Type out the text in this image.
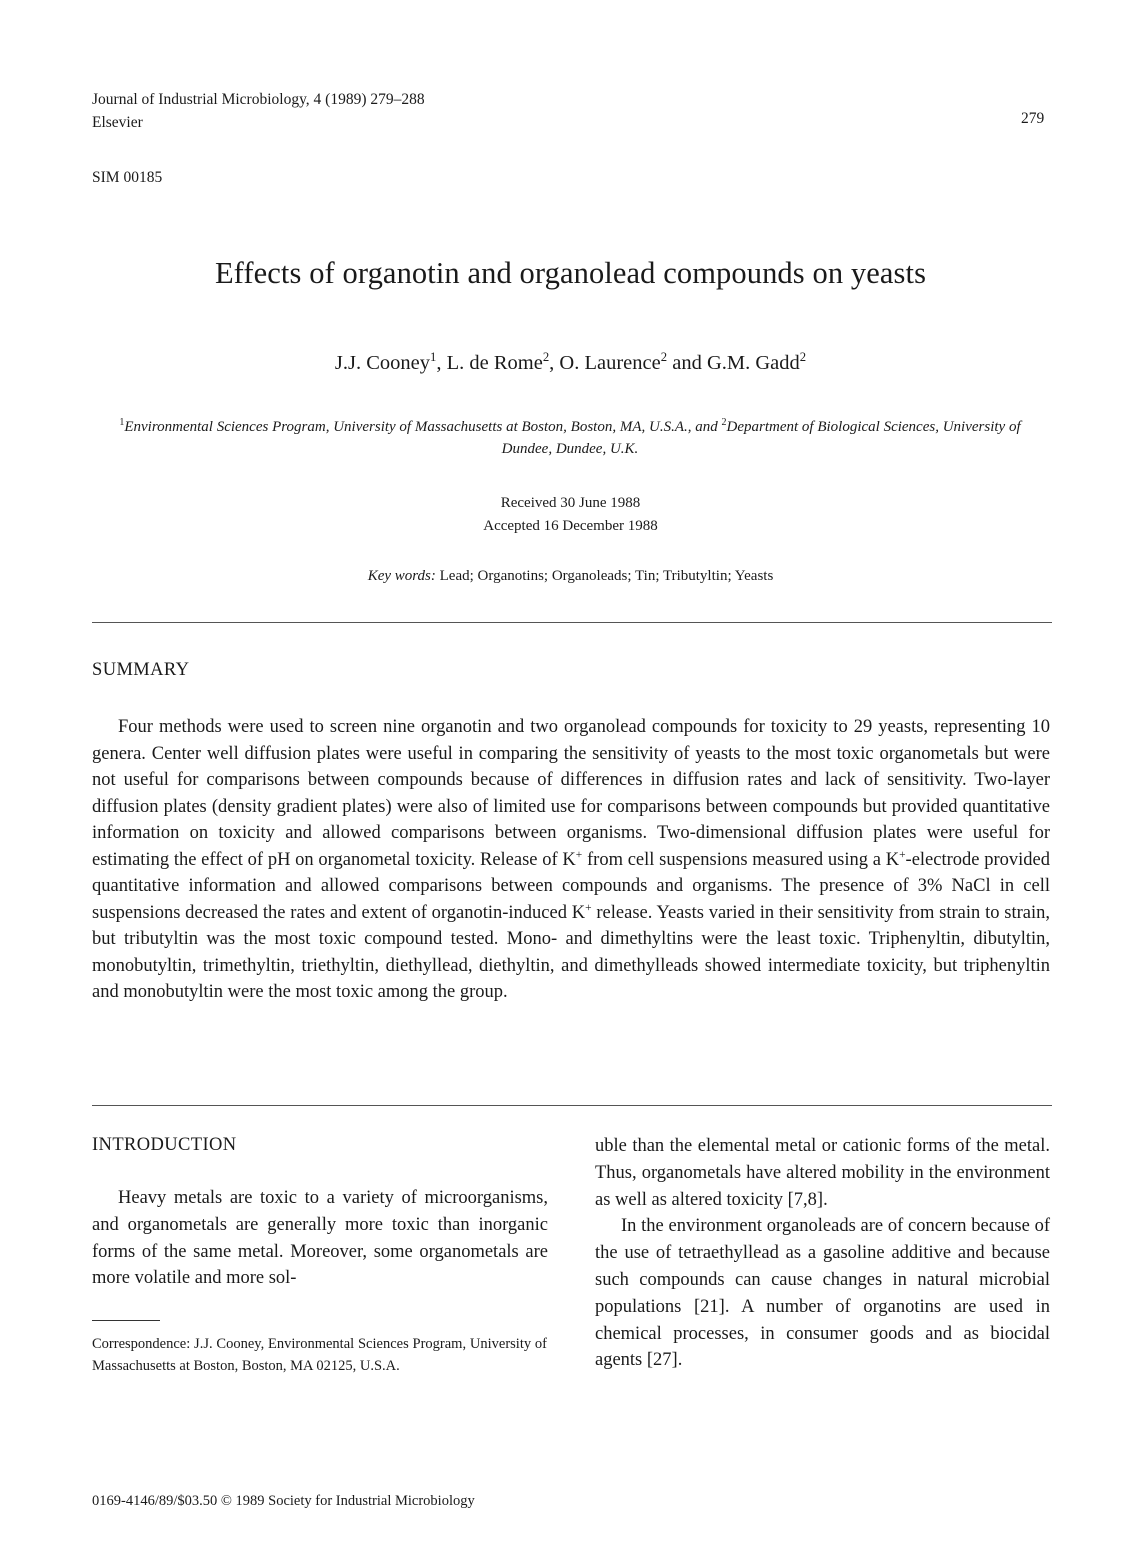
Journal of Industrial Microbiology, 4 (1989) 279–288
Elsevier	279
SIM 00185
Effects of organotin and organolead compounds on yeasts
J.J. Cooney$^1$, L. de Rome$^2$, O. Laurence$^2$ and G.M. Gadd$^2$
$^1$Environmental Sciences Program, University of Massachusetts at Boston, Boston, MA, U.S.A., and $^2$Department of Biological Sciences, University of Dundee, Dundee, U.K.
Received 30 June 1988
Accepted 16 December 1988
Key words: Lead; Organotins; Organoleads; Tin; Tributyltin; Yeasts
SUMMARY
Four methods were used to screen nine organotin and two organolead compounds for toxicity to 29 yeasts, representing 10 genera. Center well diffusion plates were useful in comparing the sensitivity of yeasts to the most toxic organometals but were not useful for comparisons between compounds because of differences in diffusion rates and lack of sensitivity. Two-layer diffusion plates (density gradient plates) were also of limited use for comparisons between compounds but provided quantitative information on toxicity and allowed comparisons between organisms. Two-dimensional diffusion plates were useful for estimating the effect of pH on organometal toxicity. Release of K+ from cell suspensions measured using a K+-electrode provided quantitative information and allowed comparisons between compounds and organisms. The presence of 3% NaCl in cell suspensions decreased the rates and extent of organotin-induced K+ release. Yeasts varied in their sensitivity from strain to strain, but tributyltin was the most toxic compound tested. Mono- and dimethyltins were the least toxic. Triphenyltin, dibutyltin, monobutyltin, trimethyltin, triethyltin, diethyllead, diethyltin, and dimethylleads showed intermediate toxicity, but triphenyltin and monobutyltin were the most toxic among the group.
INTRODUCTION

Heavy metals are toxic to a variety of microorganisms, and organometals are generally more toxic than inorganic forms of the same metal. Moreover, some organometals are more volatile and more sol-

Correspondence: J.J. Cooney, Environmental Sciences Program, University of Massachusetts at Boston, Boston, MA 02125, U.S.A.
0169-4146/89/$03.50 © 1989 Society for Industrial Microbiology

uble than the elemental metal or cationic forms of the metal. Thus, organometals have altered mobility in the environment as well as altered toxicity [7,8].

In the environment organoleads are of concern because of the use of tetraethyllead as a gasoline additive and because such compounds can cause changes in natural microbial populations [21]. A number of organotins are used in chemical processes, in consumer goods and as biocidal agents [27].
